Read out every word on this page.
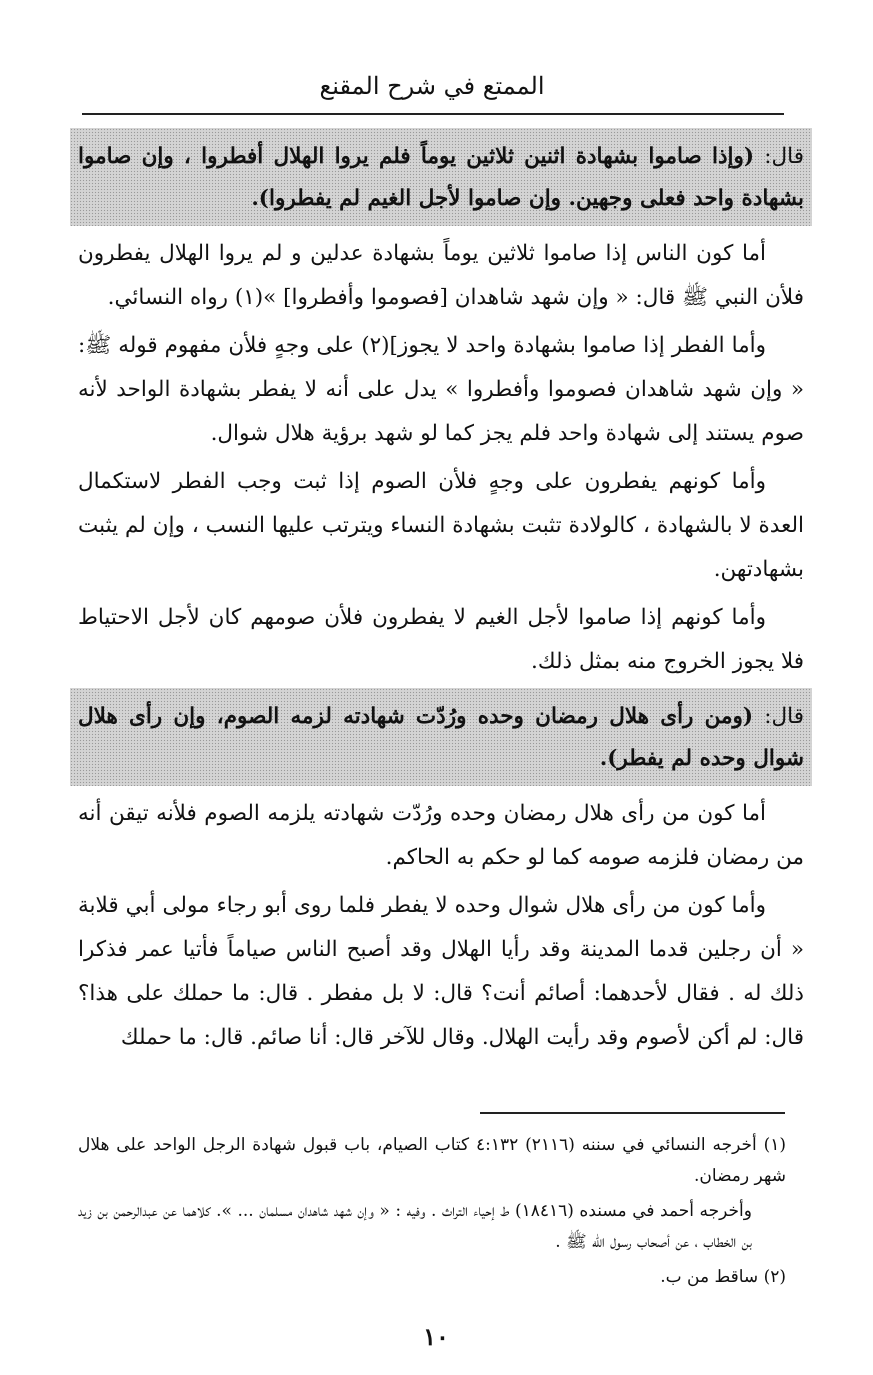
الممتع في شرح المقنع
قال: (وإذا صاموا بشهادة اثنين ثلاثين يوماً فلم يروا الهلال أفطروا ، وإن صاموا بشهادة واحد فعلى وجهين. وإن صاموا لأجل الغيم لم يفطروا).

أما كون الناس إذا صاموا ثلاثين يوماً بشهادة عدلين و لم يروا الهلال يفطرون فلأن النبي ﷺ قال: « وإن شهد شاهدان [فصوموا وأفطروا] »(١) رواه النسائي.

وأما الفطر إذا صاموا بشهادة واحد لا يجوز](٢) على وجهٍ فلأن مفهوم قوله ﷺ: « وإن شهد شاهدان فصوموا وأفطروا » يدل على أنه لا يفطر بشهادة الواحد لأنه صوم يستند إلى شهادة واحد فلم يجز كما لو شهد برؤية هلال شوال.

وأما كونهم يفطرون على وجهٍ فلأن الصوم إذا ثبت وجب الفطر لاستكمال العدة لا بالشهادة ، كالولادة تثبت بشهادة النساء ويترتب عليها النسب ، وإن لم يثبت بشهادتهن.

وأما كونهم إذا صاموا لأجل الغيم لا يفطرون فلأن صومهم كان لأجل الاحتياط فلا يجوز الخروج منه بمثل ذلك.

قال: (ومن رأى هلال رمضان وحده ورُدّت شهادته لزمه الصوم، وإن رأى هلال شوال وحده لم يفطر).

أما كون من رأى هلال رمضان وحده ورُدّت شهادته يلزمه الصوم فلأنه تيقن أنه من رمضان فلزمه صومه كما لو حكم به الحاكم.

وأما كون من رأى هلال شوال وحده لا يفطر فلما روى أبو رجاء مولى أبي قلابة « أن رجلين قدما المدينة وقد رأيا الهلال وقد أصبح الناس صياماً فأتيا عمر فذكرا ذلك له . فقال لأحدهما: أصائم أنت؟ قال: لا بل مفطر . قال: ما حملك على هذا؟ قال: لم أكن لأصوم وقد رأيت الهلال. وقال للآخر قال: أنا صائم. قال: ما حملك

(١) أخرجه النسائي في سننه (٢١١٦) ٤:١٣٢ كتاب الصيام، باب قبول شهادة الرجل الواحد على هلال شهر رمضان.

وأخرجه أحمد في مسنده (١٨٤١٦) ط إحياء التراث . وفيه : « وإن شهد شاهدان مسلمان ... ». كلاهما عن عبدالرحمن بن زيد بن الخطاب ، عن أصحاب رسول الله ﷺ .

(٢) ساقط من ب.

١٠
